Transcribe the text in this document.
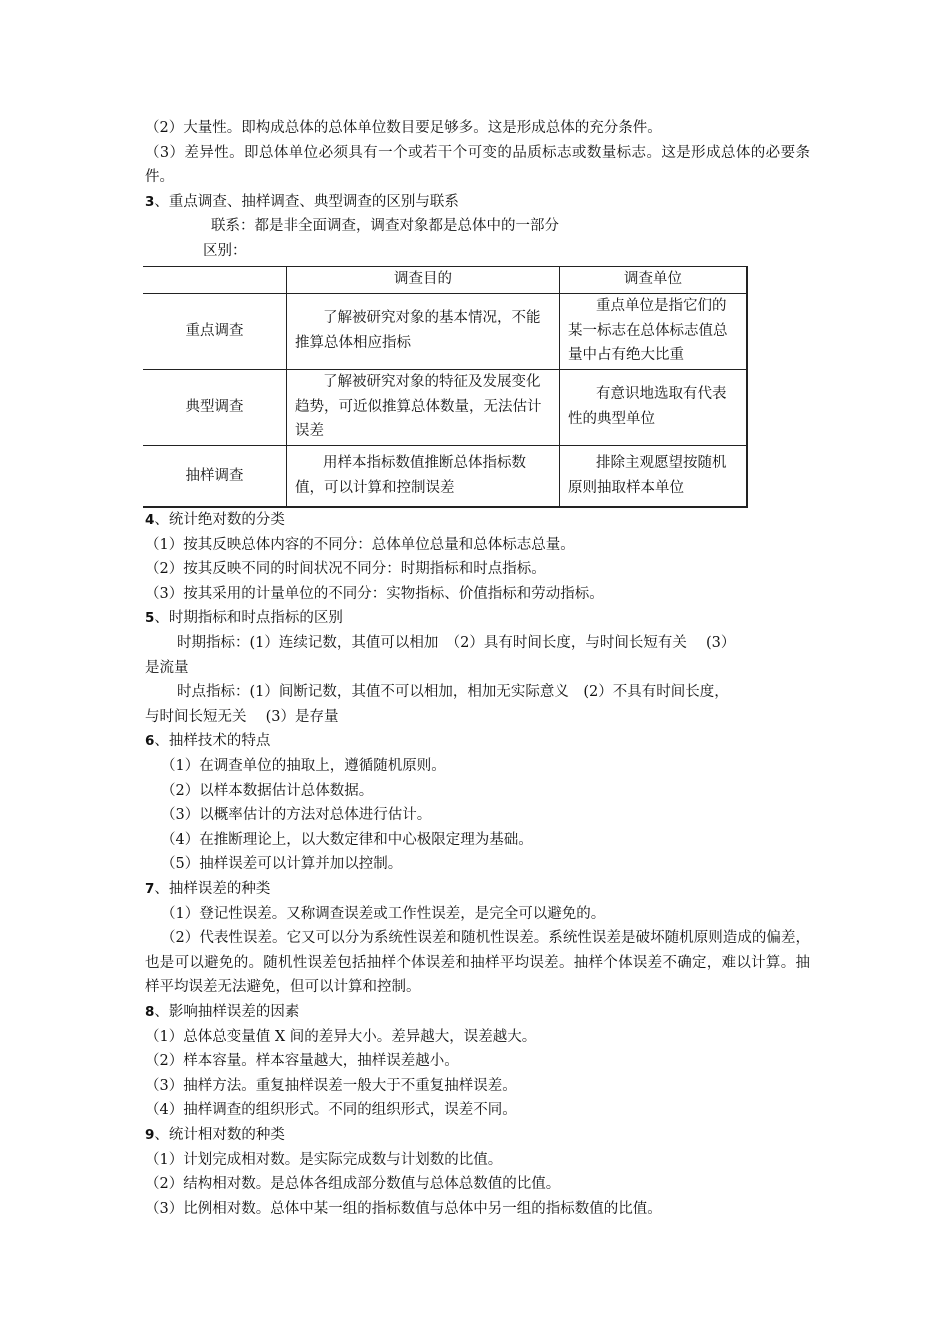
（2）大量性。即构成总体的总体单位数目要足够多。这是形成总体的充分条件。
（3）差异性。即总体单位必须具有一个或若干个可变的品质标志或数量标志。这是形成总体的必要条件。
3、重点调查、抽样调查、典型调查的区别与联系
联系：都是非全面调查，调查对象都是总体中的一部分
区别：
	调查目的	调查单位
重点调查	了解被研究对象的基本情况，不能推算总体相应指标	重点单位是指它们的某一标志在总体标志值总量中占有绝大比重
典型调查	了解被研究对象的特征及发展变化趋势，可近似推算总体数量，无法估计误差	有意识地选取有代表性的典型单位
抽样调查	用样本指标数值推断总体指标数值，可以计算和控制误差	排除主观愿望按随机原则抽取样本单位
4、统计绝对数的分类
（1）按其反映总体内容的不同分：总体单位总量和总体标志总量。
（2）按其反映不同的时间状况不同分：时期指标和时点指标。
（3）按其采用的计量单位的不同分：实物指标、价值指标和劳动指标。
5、时期指标和时点指标的区别
时期指标：(1）连续记数，其值可以相加　（2）具有时间长度，与时间长短有关　 (3）
是流量
时点指标：(1）间断记数，其值不可以相加，相加无实际意义　(2）不具有时间长度，
与时间长短无关　 (3）是存量
6、抽样技术的特点
（1）在调查单位的抽取上，遵循随机原则。
（2）以样本数据估计总体数据。
（3）以概率估计的方法对总体进行估计。
（4）在推断理论上，以大数定律和中心极限定理为基础。
（5）抽样误差可以计算并加以控制。
7、抽样误差的种类
（1）登记性误差。又称调查误差或工作性误差，是完全可以避免的。
（2）代表性误差。它又可以分为系统性误差和随机性误差。系统性误差是破坏随机原则造成的偏差，也是可以避免的。随机性误差包括抽样个体误差和抽样平均误差。抽样个体误差不确定，难以计算。抽样平均误差无法避免，但可以计算和控制。
8、影响抽样误差的因素
（1）总体总变量值 X 间的差异大小。差异越大，误差越大。
（2）样本容量。样本容量越大，抽样误差越小。
（3）抽样方法。重复抽样误差一般大于不重复抽样误差。
（4）抽样调查的组织形式。不同的组织形式，误差不同。
9、统计相对数的种类
（1）计划完成相对数。是实际完成数与计划数的比值。
（2）结构相对数。是总体各组成部分数值与总体总数值的比值。
（3）比例相对数。总体中某一组的指标数值与总体中另一组的指标数值的比值。
